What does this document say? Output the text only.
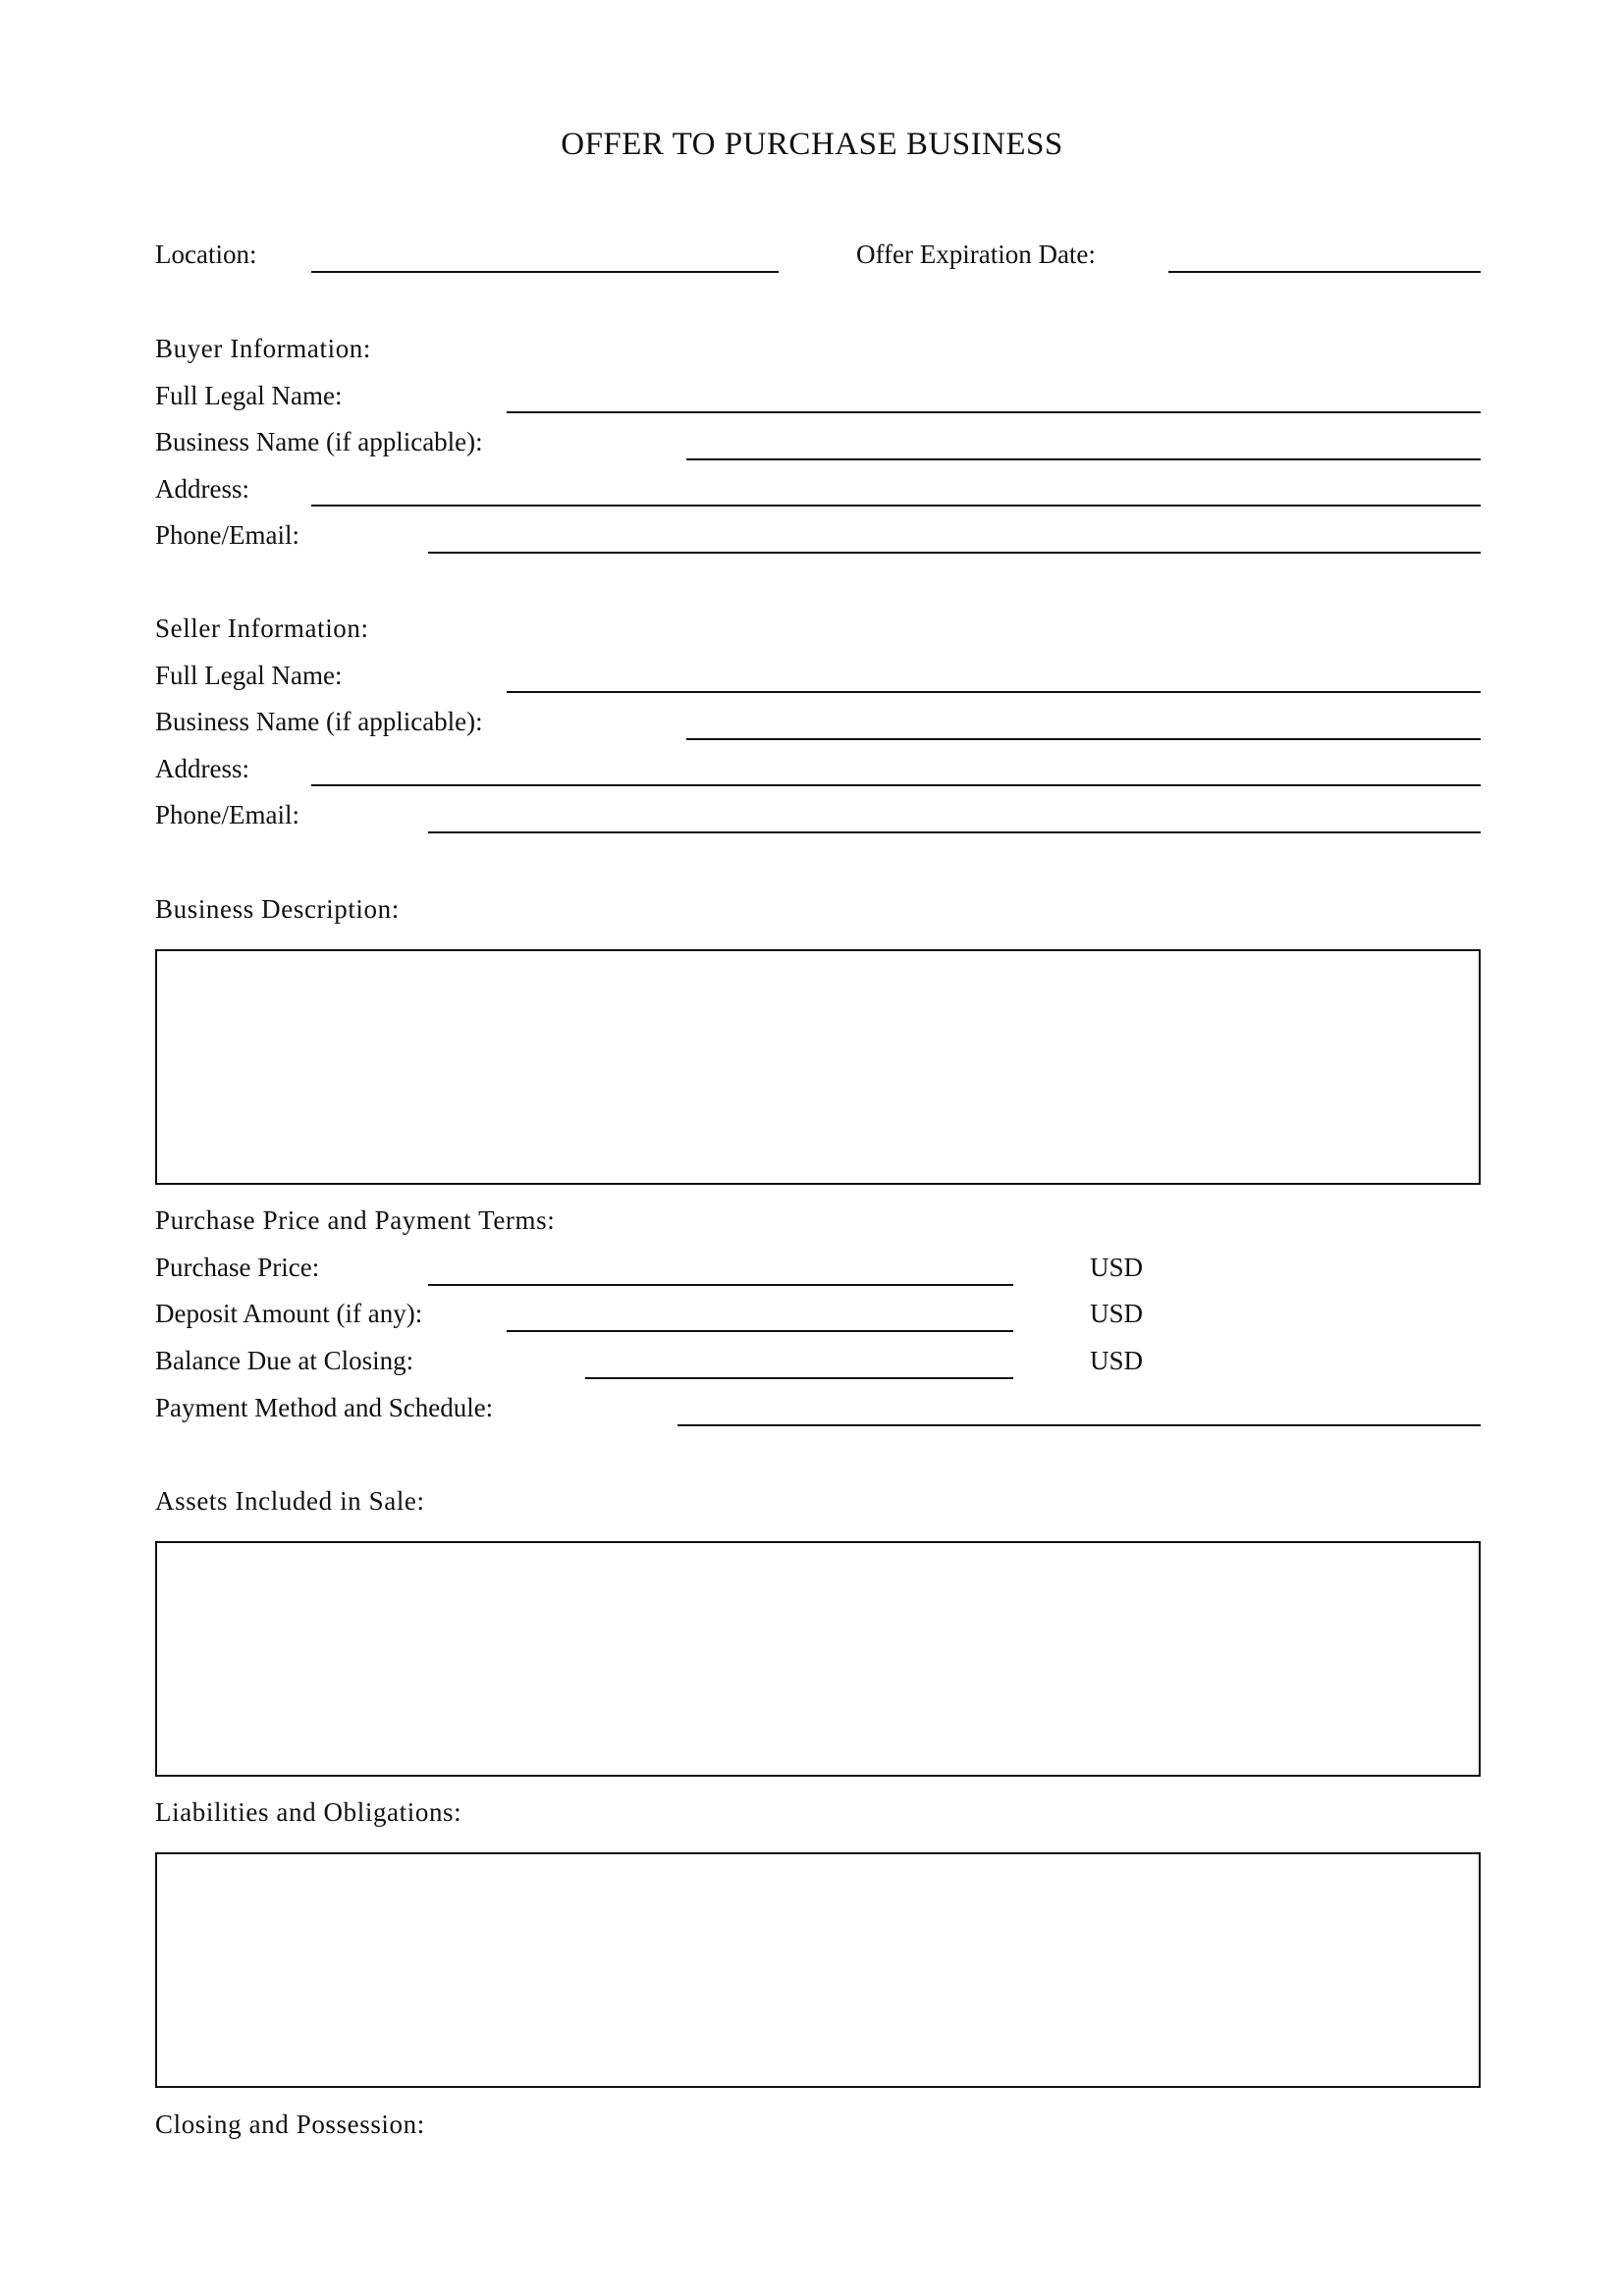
OFFER TO PURCHASE BUSINESS
Location:	Offer Expiration Date:
Buyer Information:
Full Legal Name:
Business Name (if applicable):
Address:
Phone/Email:
Seller Information:
Full Legal Name:
Business Name (if applicable):
Address:
Phone/Email:
Business Description:
Purchase Price and Payment Terms:
Purchase Price:	USD
Deposit Amount (if any):	USD
Balance Due at Closing:	USD
Payment Method and Schedule:
Assets Included in Sale:
Liabilities and Obligations:
Closing and Possession:
